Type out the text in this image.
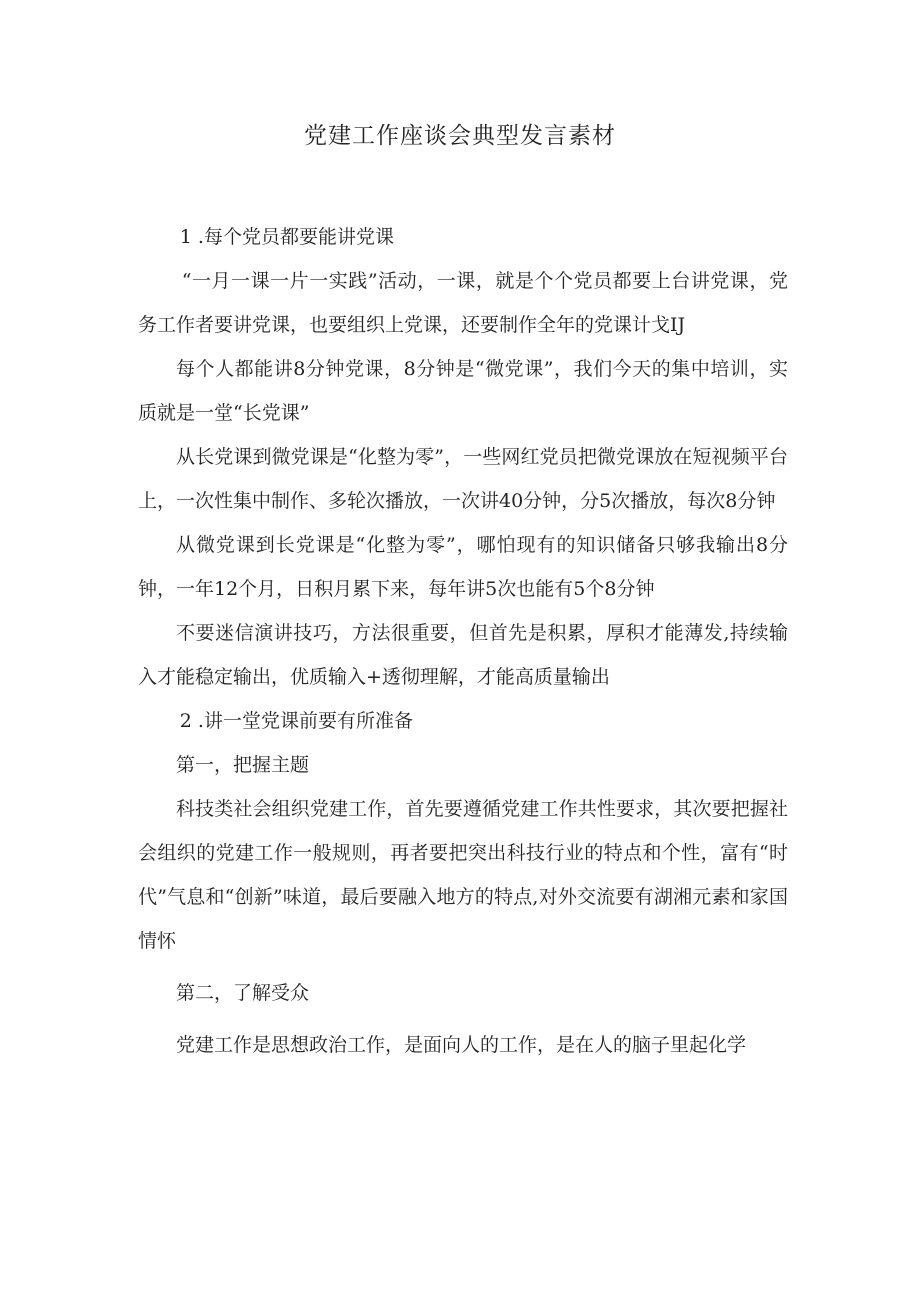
党建工作座谈会典型发言素材

1 .每个党员都要能讲党课

“一月一课一片一实践”活动，一课，就是个个党员都要上台讲党课，党务工作者要讲党课，也要组织上党课，还要制作全年的党课计戈IJ

每个人都能讲8分钟党课，8分钟是“微党课”，我们今天的集中培训，实质就是一堂“长党课”

从长党课到微党课是“化整为零”，一些网红党员把微党课放在短视频平台上，一次性集中制作、多轮次播放，一次讲40分钟，分5次播放，每次8分钟

从微党课到长党课是“化整为零”，哪怕现有的知识储备只够我输出8分钟，一年12个月，日积月累下来，每年讲5次也能有5个8分钟

不要迷信演讲技巧，方法很重要，但首先是积累，厚积才能薄发,持续输入才能稳定输出，优质输入+透彻理解，才能高质量输出

2 .讲一堂党课前要有所准备

第一，把握主题

科技类社会组织党建工作，首先要遵循党建工作共性要求，其次要把握社会组织的党建工作一般规则，再者要把突出科技行业的特点和个性，富有“时代”气息和“创新”味道，最后要融入地方的特点,对外交流要有湖湘元素和家国情怀

第二，了解受众

党建工作是思想政治工作，是面向人的工作，是在人的脑子里起化学
